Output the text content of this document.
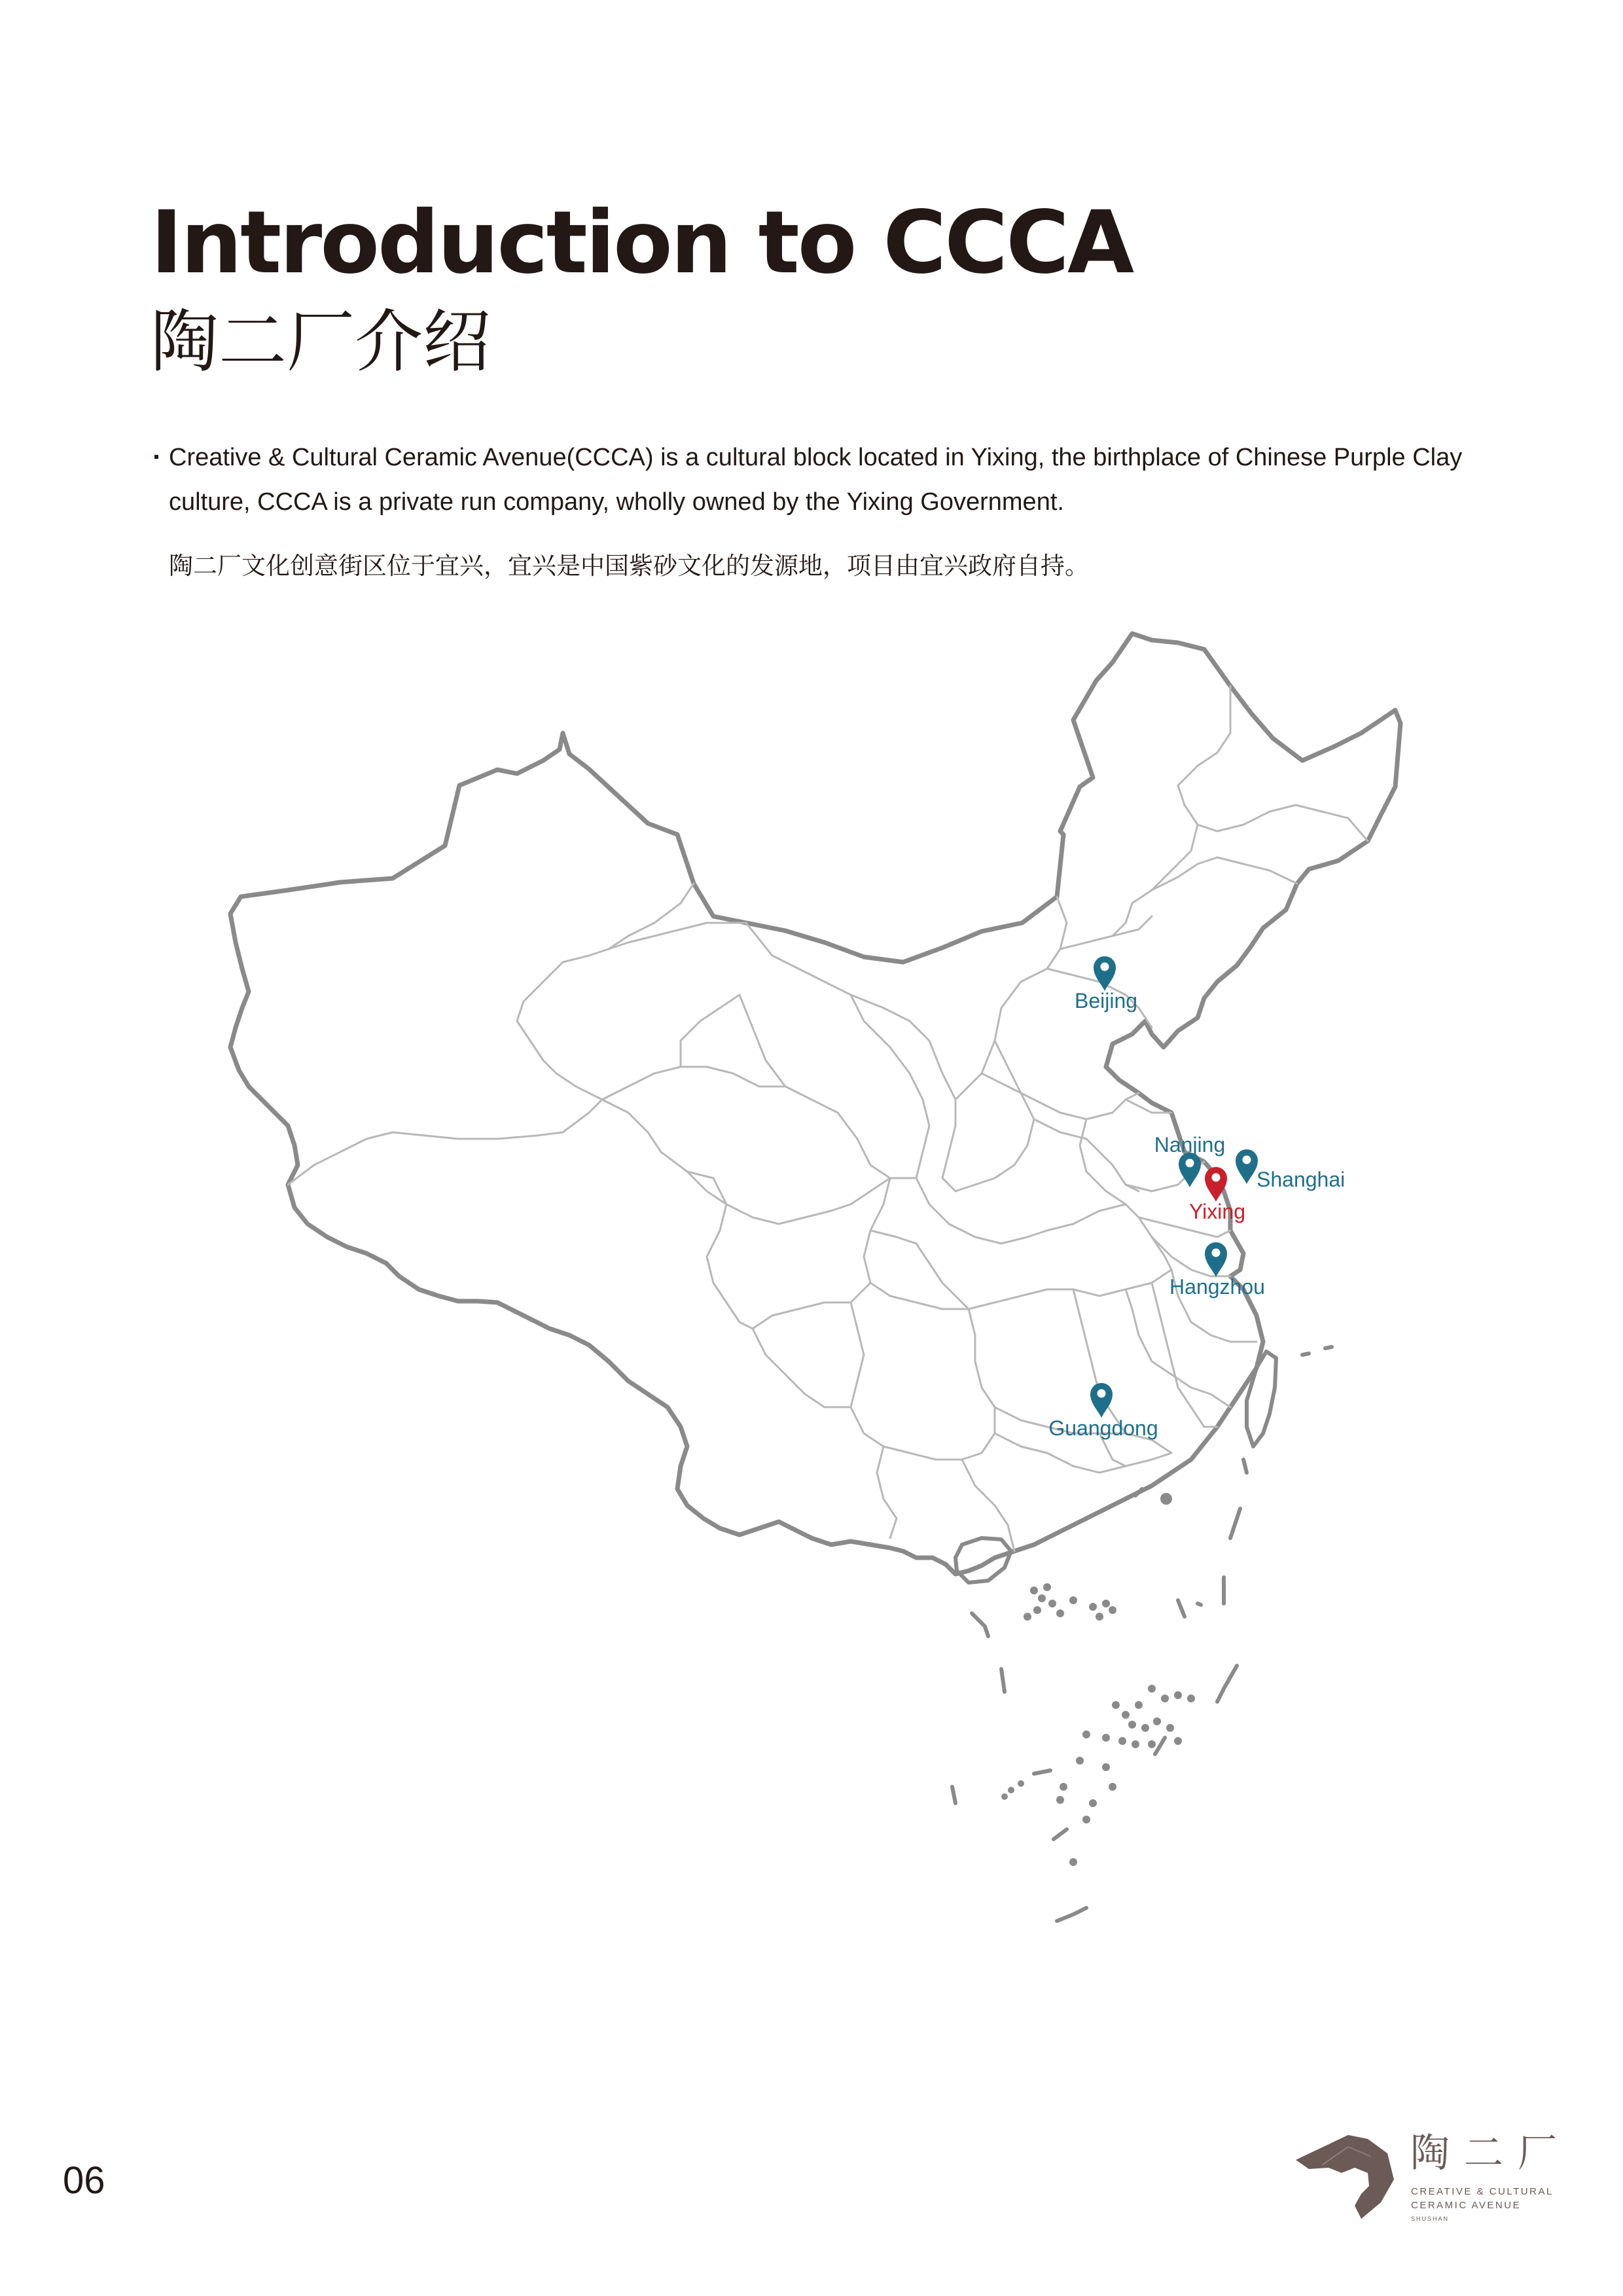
Introduction to CCCA
陶二厂介绍
Creative & Cultural Ceramic Avenue(CCCA) is a cultural block located in Yixing, the birthplace of Chinese Purple Clay culture, CCCA is a private run company, wholly owned by the Yixing Government.
陶二厂文化创意街区位于宜兴，宜兴是中国紫砂文化的发源地，项目由宜兴政府自持。
Beijing
Nanjing
Shanghai
Yixing
Hangzhou
Guangdong
06
陶二厂
CREATIVE & CULTURAL
CERAMIC AVENUE
SHUSHAN
